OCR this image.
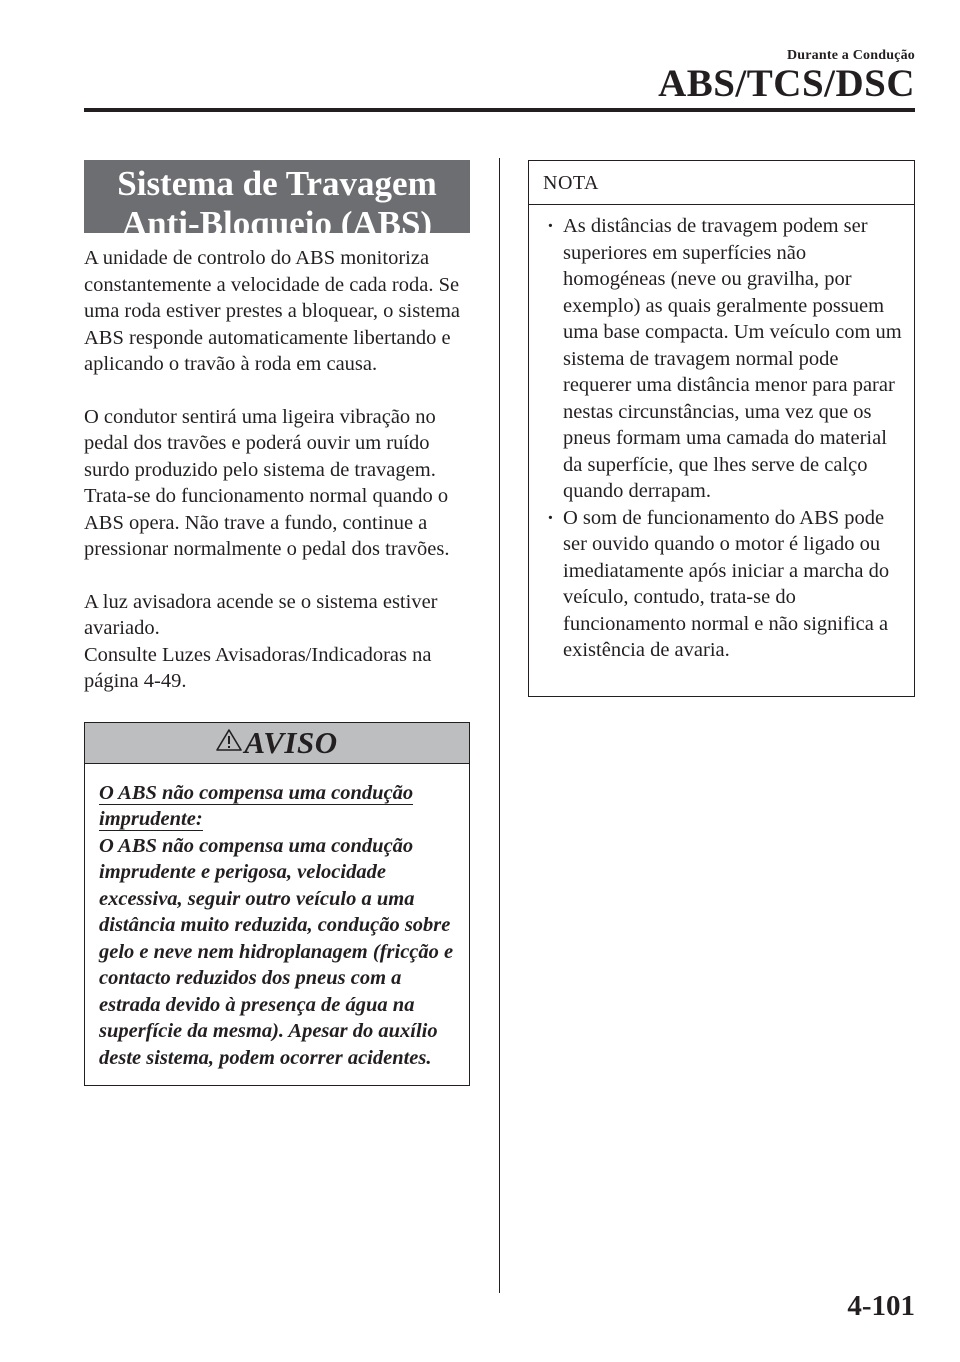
Durante a Condução
ABS/TCS/DSC
Sistema de Travagem
Anti-Bloqueio (ABS)

A unidade de controlo do ABS monitoriza constantemente a velocidade de cada roda. Se uma roda estiver prestes a bloquear, o sistema ABS responde automaticamente libertando e aplicando o travão à roda em causa.

O condutor sentirá uma ligeira vibração no pedal dos travões e poderá ouvir um ruído surdo produzido pelo sistema de travagem. Trata-se do funcionamento normal quando o ABS opera. Não trave a fundo, continue a pressionar normalmente o pedal dos travões.

A luz avisadora acende se o sistema estiver avariado.

Consulte Luzes Avisadoras/Indicadoras na página 4-49.

AVISO

O ABS não compensa uma condução imprudente:

O ABS não compensa uma condução imprudente e perigosa, velocidade excessiva, seguir outro veículo a uma distância muito reduzida, condução sobre gelo e neve nem hidroplanagem (fricção e contacto reduzidos dos pneus com a estrada devido à presença de água na superfície da mesma). Apesar do auxílio deste sistema, podem ocorrer acidentes.

NOTA
· As distâncias de travagem podem ser superiores em superfícies não homogéneas (neve ou gravilha, por exemplo) as quais geralmente possuem uma base compacta. Um veículo com um sistema de travagem normal pode requerer uma distância menor para parar nestas circunstâncias, uma vez que os pneus formam uma camada do material da superfície, que lhes serve de calço quando derrapam.
· O som de funcionamento do ABS pode ser ouvido quando o motor é ligado ou imediatamente após iniciar a marcha do veículo, contudo, trata-se do funcionamento normal e não significa a existência de avaria.
4-101
